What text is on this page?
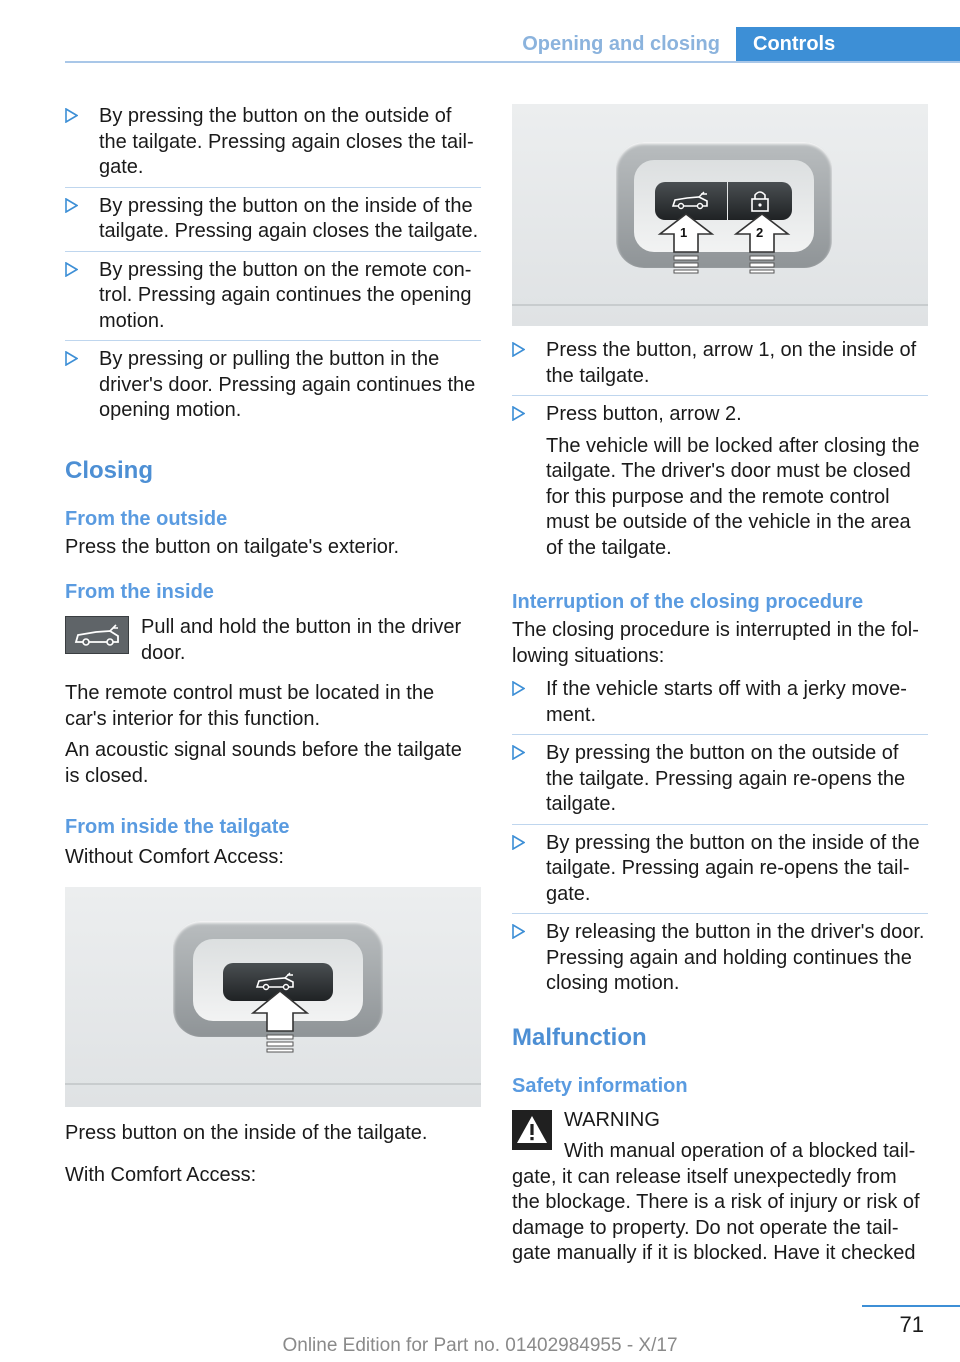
Opening and closing	Controls
By pressing the button on the outside of the tailgate. Pressing again closes the tail‐gate.
By pressing the button on the inside of the tailgate. Pressing again closes the tailgate.
By pressing the button on the remote con‐trol. Pressing again continues the opening motion.
By pressing or pulling the button in the driver's door. Pressing again continues the opening motion.
Closing
From the outside

Press the button on tailgate's exterior.

From the inside
Pull and hold the button in the driver door.

The remote control must be located in the car's interior for this function.

An acoustic signal sounds before the tailgate is closed.

From inside the tailgate

Without Comfort Access:

Press button on the inside of the tailgate.

With Comfort Access:

1	2
Press the button, arrow 1, on the inside of the tailgate.
Press button, arrow 2.
The vehicle will be locked after closing the tailgate. The driver's door must be closed for this purpose and the remote control must be outside of the vehicle in the area of the tailgate.
Interruption of the closing procedure

The closing procedure is interrupted in the fol‐lowing situations:

If the vehicle starts off with a jerky move‐ment.
By pressing the button on the outside of the tailgate. Pressing again re-opens the tailgate.
By pressing the button on the inside of the tailgate. Pressing again re-opens the tail‐gate.
By releasing the button in the driver's door. Pressing again and holding continues the closing motion.
Malfunction
Safety information
WARNING
With manual operation of a blocked tail‐

gate, it can release itself unexpectedly from the blockage. There is a risk of injury or risk of damage to property. Do not operate the tail‐gate manually if it is blocked. Have it checked

71
Online Edition for Part no. 01402984955 - X/17
